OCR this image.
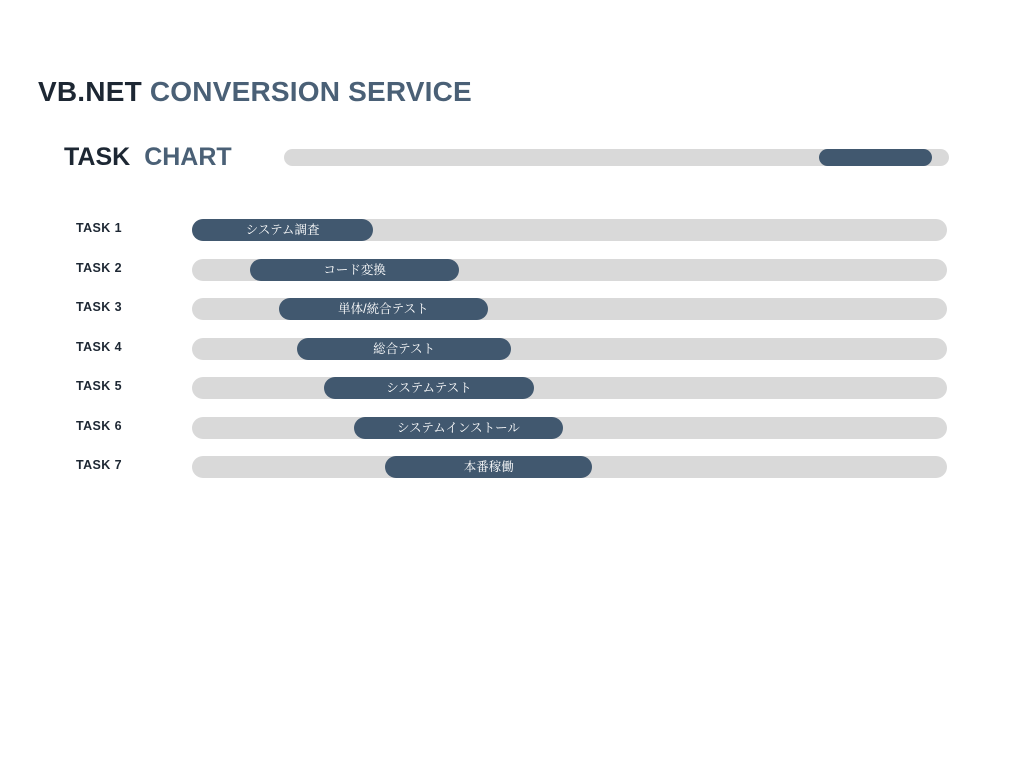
VB.NET CONVERSION SERVICE
TASK CHART
TASK 1	システム調査
TASK 2	コード変換
TASK 3	単体/統合テスト
TASK 4	総合テスト
TASK 5	システムテスト
TASK 6	システムインストール
TASK 7	本番稼働
